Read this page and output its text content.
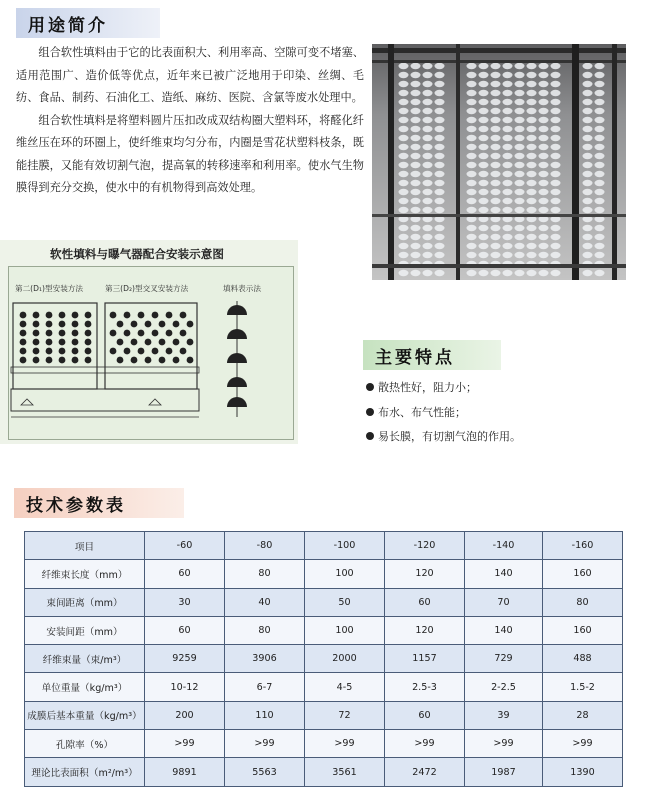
用途简介

组合软性填料由于它的比表面积大、利用率高、空隙可变不堵塞、适用范围广、造价低等优点，近年来已被广泛地用于印染、丝绸、毛纺、食品、制药、石油化工、造纸、麻纺、医院、含氯等废水处理中。

组合软性填料是将塑料圆片压扣改成双结构圈大塑料环，将醛化纤维丝压在环的环圈上，使纤维束均匀分布，内圈是雪花状塑料枝条，既能挂膜，又能有效切割气泡，提高氧的转移速率和利用率。使水气生物膜得到充分交换，使水中的有机物得到高效处理。

软性填料与曝气器配合安装示意图
第二(D₁)型安装方法	第三(D₂)型交叉安装方法	填料表示法
主要特点
散热性好，阻力小；
布水、布气性能；
易长膜，有切割气泡的作用。
技术参数表
项目	-60	-80	-100	-120	-140	-160
纤维束长度（mm）	60	80	100	120	140	160
束间距离（mm）	30	40	50	60	70	80
安装间距（mm）	60	80	100	120	140	160
纤维束量（束/m³）	9259	3906	2000	1157	729	488
单位重量（kg/m³）	10-12	6-7	4-5	2.5-3	2-2.5	1.5-2
成膜后基本重量（kg/m³）	200	110	72	60	39	28
孔隙率（%）	>99	>99	>99	>99	>99	>99
理论比表面积（m²/m³）	9891	5563	3561	2472	1987	1390
